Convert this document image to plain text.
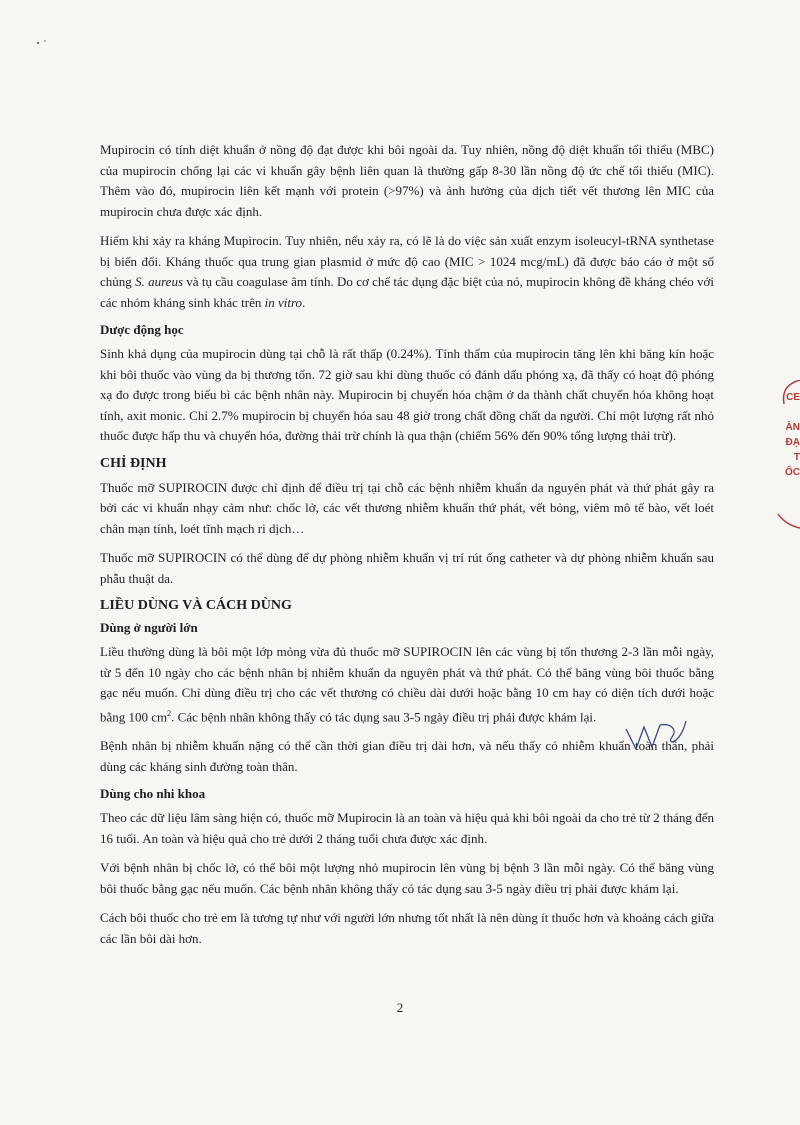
Mupirocin có tính diệt khuẩn ở nồng độ đạt được khi bôi ngoài da. Tuy nhiên, nồng độ diệt khuẩn tối thiểu (MBC) của mupirocin chống lại các vi khuẩn gây bệnh liên quan là thường gấp 8-30 lần nồng độ ức chế tối thiểu (MIC). Thêm vào đó, mupirocin liên kết mạnh với protein (>97%) và ảnh hưởng của dịch tiết vết thương lên MIC của mupirocin chưa được xác định.

Hiếm khi xảy ra kháng Mupirocin. Tuy nhiên, nếu xảy ra, có lẽ là do việc sản xuất enzym isoleucyl-tRNA synthetase bị biến đổi. Kháng thuốc qua trung gian plasmid ở mức độ cao (MIC > 1024 mcg/mL) đã được báo cáo ở một số chủng S. aureus và tụ cầu coagulase âm tính. Do cơ chế tác dụng đặc biệt của nó, mupirocin không đề kháng chéo với các nhóm kháng sinh khác trên in vitro.

Dược động học

Sinh khả dụng của mupirocin dùng tại chỗ là rất thấp (0.24%). Tính thấm của mupirocin tăng lên khi băng kín hoặc khi bôi thuốc vào vùng da bị thương tổn. 72 giờ sau khi dùng thuốc có đánh dấu phóng xạ, đã thấy có hoạt độ phóng xạ đo được trong biểu bì các bệnh nhân này. Mupirocin bị chuyển hóa chậm ở da thành chất chuyển hóa không hoạt tính, axit monic. Chỉ 2.7% mupirocin bị chuyển hóa sau 48 giờ trong chất đồng chất da người. Chỉ một lượng rất nhỏ thuốc được hấp thu và chuyển hóa, đường thải trừ chính là qua thận (chiếm 56% đến 90% tổng lượng thải trừ).

CHỈ ĐỊNH

Thuốc mỡ SUPIROCIN được chỉ định để điều trị tại chỗ các bệnh nhiễm khuẩn da nguyên phát và thứ phát gây ra bởi các vi khuẩn nhạy cảm như: chốc lở, các vết thương nhiễm khuẩn thứ phát, vết bỏng, viêm mô tế bào, vết loét chân mạn tính, loét tĩnh mạch ri dịch…

Thuốc mỡ SUPIROCIN có thể dùng để dự phòng nhiễm khuẩn vị trí rút ống catheter và dự phòng nhiễm khuẩn sau phẫu thuật da.

LIỀU DÙNG VÀ CÁCH DÙNG
Dùng ở người lớn

Liều thường dùng là bôi một lớp mỏng vừa đủ thuốc mỡ SUPIROCIN lên các vùng bị tổn thương 2-3 lần mỗi ngày, từ 5 đến 10 ngày cho các bệnh nhân bị nhiễm khuẩn da nguyên phát và thứ phát. Có thể băng vùng bôi thuốc bằng gạc nếu muốn. Chỉ dùng điều trị cho các vết thương có chiều dài dưới hoặc bằng 10 cm hay có diện tích dưới hoặc bằng 100 $cm^2$. Các bệnh nhân không thấy có tác dụng sau 3-5 ngày điều trị phải được khám lại.

Bệnh nhân bị nhiễm khuẩn nặng có thể cần thời gian điều trị dài hơn, và nếu thấy có nhiễm khuẩn toàn thân, phải dùng các kháng sinh đường toàn thân.

Dùng cho nhi khoa

Theo các dữ liệu lâm sàng hiện có, thuốc mỡ Mupirocin là an toàn và hiệu quả khi bôi ngoài da cho trẻ từ 2 tháng đến 16 tuổi. An toàn và hiệu quả cho trẻ dưới 2 tháng tuổi chưa được xác định.

Với bệnh nhân bị chốc lở, có thể bôi một lượng nhỏ mupirocin lên vùng bị bệnh 3 lần mỗi ngày. Có thể băng vùng bôi thuốc bằng gạc nếu muốn. Các bệnh nhân không thấy có tác dụng sau 3-5 ngày điều trị phải được khám lại.

Cách bôi thuốc cho trẻ em là tương tự như với người lớn nhưng tốt nhất là nên dùng ít thuốc hơn và khoảng cách giữa các lần bôi dài hơn.

CE
ÀN
ĐẠ
T
ỐC
2
